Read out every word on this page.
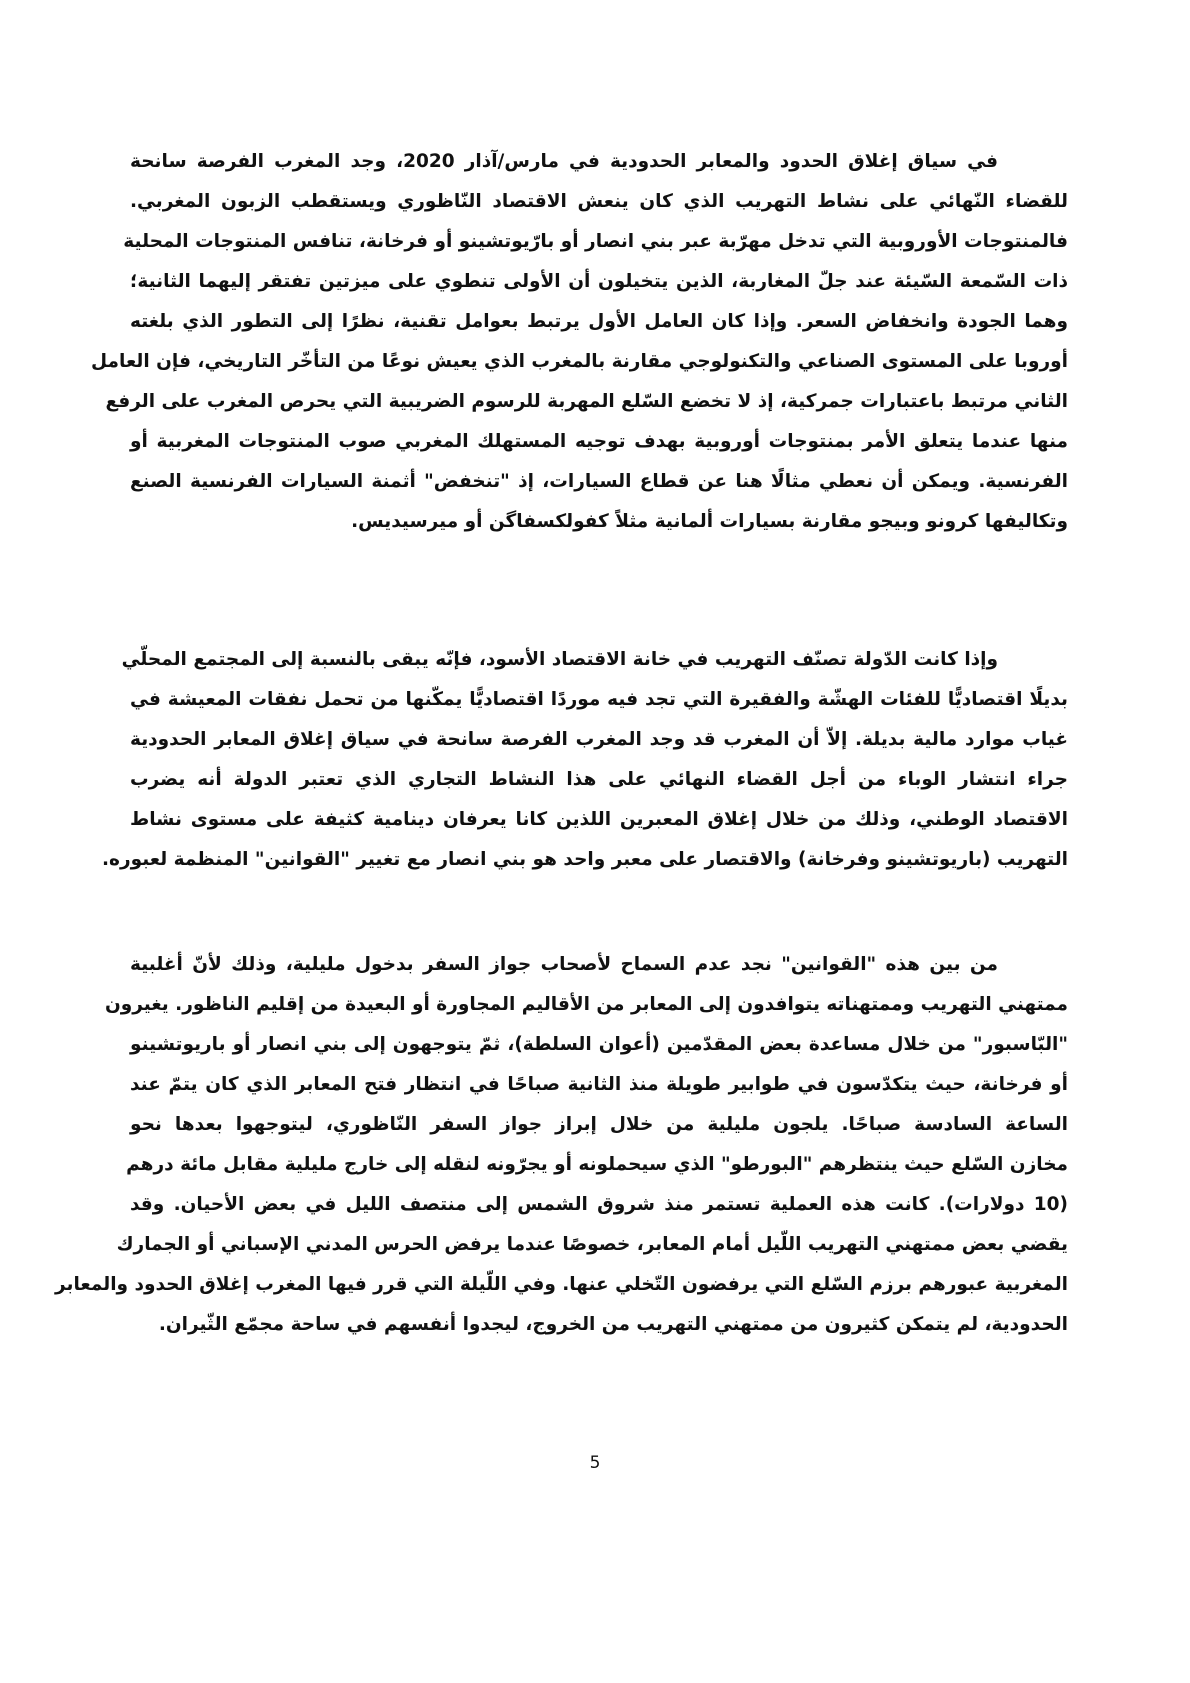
في سياق إغلاق الحدود والمعابر الحدودية في مارس/آذار 2020، وجد المغرب الفرصة سانحة
للقضاء النّهائي على نشاط التهريب الذي كان ينعش الاقتصاد النّاظوري ويستقطب الزبون المغربي.
فالمنتوجات الأوروبية التي تدخل مهرّبة عبر بني انصار أو بارّيوتشينو أو فرخانة، تنافس المنتوجات المحلية
ذات السّمعة السّيئة عند جلّ المغاربة، الذين يتخيلون أن الأولى تنطوي على ميزتين تفتقر إليهما الثانية؛
وهما الجودة وانخفاض السعر. وإذا كان العامل الأول يرتبط بعوامل تقنية، نظرًا إلى التطور الذي بلغته
أوروبا على المستوى الصناعي والتكنولوجي مقارنة بالمغرب الذي يعيش نوعًا من التأخّر التاريخي، فإن العامل
الثاني مرتبط باعتبارات جمركية، إذ لا تخضع السّلع المهربة للرسوم الضريبية التي يحرص المغرب على الرفع
منها عندما يتعلق الأمر بمنتوجات أوروبية بهدف توجيه المستهلك المغربي صوب المنتوجات المغربية أو
الفرنسية. ويمكن أن نعطي مثالًا هنا عن قطاع السيارات، إذ "تنخفض" أثمنة السيارات الفرنسية الصنع
وتكاليفها كرونو وبيجو مقارنة بسيارات ألمانية مثلاً كفولكسفاگن أو ميرسيديس.
وإذا كانت الدّولة تصنّف التهريب في خانة الاقتصاد الأسود، فإنّه يبقى بالنسبة إلى المجتمع المحلّي
بديلًا اقتصاديًّا للفئات الهشّة والفقيرة التي تجد فيه موردًا اقتصاديًّا يمكّنها من تحمل نفقات المعيشة في
غياب موارد مالية بديلة. إلاّ أن المغرب قد وجد المغرب الفرصة سانحة في سياق إغلاق المعابر الحدودية
جراء انتشار الوباء من أجل القضاء النهائي على هذا النشاط التجاري الذي تعتبر الدولة أنه يضرب
الاقتصاد الوطني، وذلك من خلال إغلاق المعبرين اللذين كانا يعرفان دينامية كثيفة على مستوى نشاط
التهريب (باريوتشينو وفرخانة) والاقتصار على معبر واحد هو بني انصار مع تغيير "القوانين" المنظمة لعبوره.
من بين هذه "القوانين" نجد عدم السماح لأصحاب جواز السفر بدخول مليلية، وذلك لأنّ أغلبية
ممتهني التهريب وممتهناته يتوافدون إلى المعابر من الأقاليم المجاورة أو البعيدة من إقليم الناظور. يغيرون
"البّاسبور" من خلال مساعدة بعض المقدّمين (أعوان السلطة)، ثمّ يتوجهون إلى بني انصار أو باريوتشينو
أو فرخانة، حيث يتكدّسون في طوابير طويلة منذ الثانية صباحًا في انتظار فتح المعابر الذي كان يتمّ عند
الساعة السادسة صباحًا. يلجون مليلية من خلال إبراز جواز السفر النّاظوري، ليتوجهوا بعدها نحو
مخازن السّلع حيث ينتظرهم "البورطو" الذي سيحملونه أو يجرّونه لنقله إلى خارج مليلية مقابل مائة درهم
(10 دولارات). كانت هذه العملية تستمر منذ شروق الشمس إلى منتصف الليل في بعض الأحيان. وقد
يقضي بعض ممتهني التهريب اللّيل أمام المعابر، خصوصًا عندما يرفض الحرس المدني الإسباني أو الجمارك
المغربية عبورهم برزم السّلع التي يرفضون التّخلي عنها. وفي اللّيلة التي قرر فيها المغرب إغلاق الحدود والمعابر
الحدودية، لم يتمكن كثيرون من ممتهني التهريب من الخروج، ليجدوا أنفسهم في ساحة مجمّع الثّيران.
5
